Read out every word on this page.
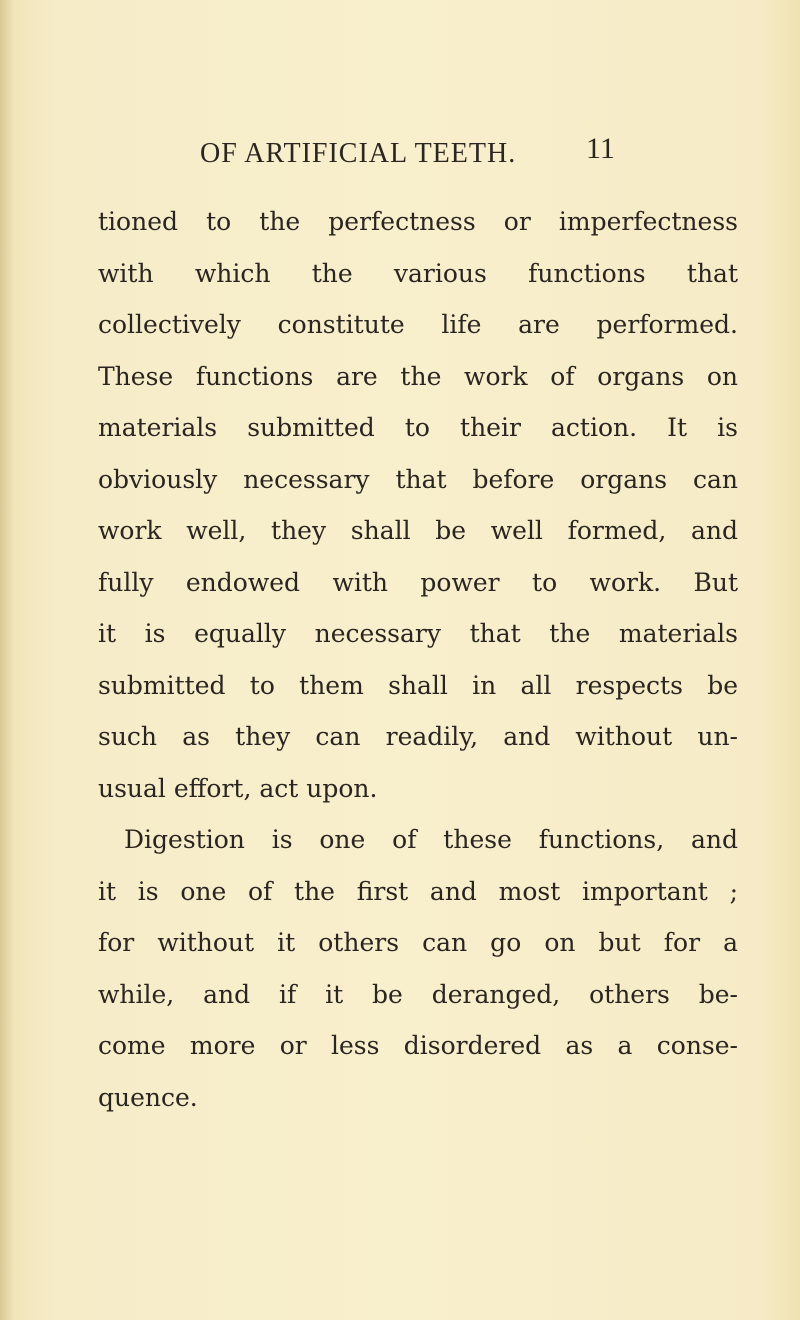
OF ARTIFICIAL TEETH. 11
tioned to the perfectness or imperfectness
with which the various functions that
collectively constitute life are performed.
These functions are the work of organs on
materials submitted to their action. It is
obviously necessary that before organs can
work well, they shall be well formed, and
fully endowed with power to work. But
it is equally necessary that the materials
submitted to them shall in all respects be
such as they can readily, and without un-
usual effort, act upon.
Digestion is one of these functions, and
it is one of the first and most important ;
for without it others can go on but for a
while, and if it be deranged, others be-
come more or less disordered as a conse-
quence.
